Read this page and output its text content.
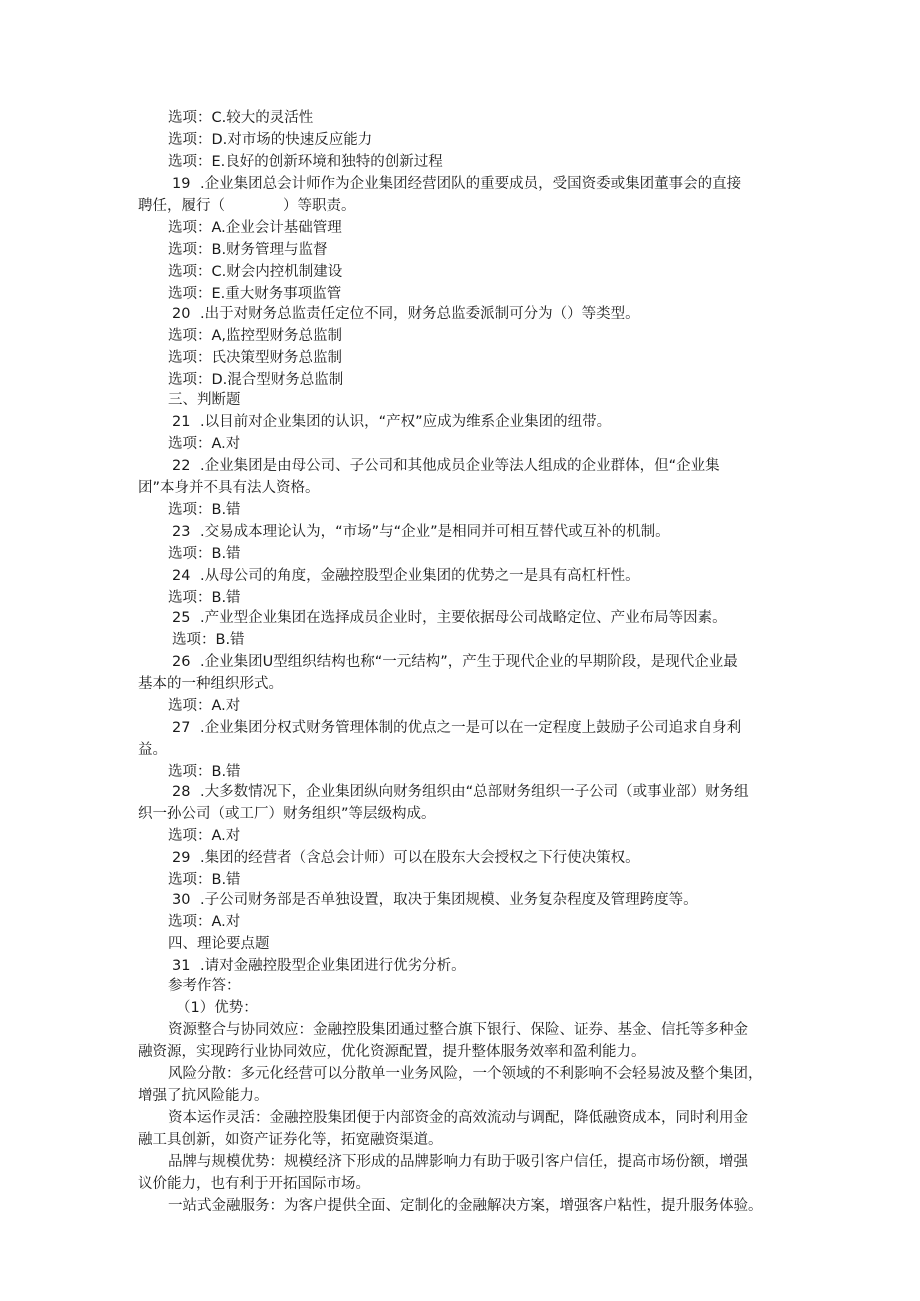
选项：C.较大的灵活性
选项：D.对市场的快速反应能力
选项：E.良好的创新环境和独特的创新过程
19 .企业集团总会计师作为企业集团经营团队的重要成员，受国资委或集团董事会的直接
聘任，履行（　　　　）等职责。
选项：A.企业会计基础管理
选项：B.财务管理与监督
选项：C.财会内控机制建设
选项：E.重大财务事项监管
20 .出于对财务总监责任定位不同，财务总监委派制可分为（）等类型。
选项：A,监控型财务总监制
选项：氏决策型财务总监制
选项：D.混合型财务总监制
三、判断题
21 .以目前对企业集团的认识，“产权”应成为维系企业集团的纽带。
选项：A.对
22 .企业集团是由母公司、子公司和其他成员企业等法人组成的企业群体，但“企业集
团”本身并不具有法人资格。
选项：B.错
23 .交易成本理论认为，“市场”与“企业”是相同并可相互替代或互补的机制。
选项：B.错
24 .从母公司的角度，金融控股型企业集团的优势之一是具有高杠杆性。
选项：B.错
25 .产业型企业集团在选择成员企业时，主要依据母公司战略定位、产业布局等因素。
选项：B.错
26 .企业集团U型组织结构也称“一元结构”，产生于现代企业的早期阶段，是现代企业最
基本的一种组织形式。
选项：A.对
27 .企业集团分权式财务管理体制的优点之一是可以在一定程度上鼓励子公司追求自身利
益。
选项：B.错
28 .大多数情况下，企业集团纵向财务组织由“总部财务组织一子公司（或事业部）财务组
织一孙公司（或工厂）财务组织”等层级构成。
选项：A.对
29 .集团的经营者（含总会计师）可以在股东大会授权之下行使决策权。
选项：B.错
30 .子公司财务部是否单独设置，取决于集团规模、业务复杂程度及管理跨度等。
选项：A.对
四、理论要点题
31 .请对金融控股型企业集团进行优劣分析。
参考作答：
（1）优势：
资源整合与协同效应：金融控股集团通过整合旗下银行、保险、证券、基金、信托等多种金
融资源，实现跨行业协同效应，优化资源配置，提升整体服务效率和盈利能力。
风险分散：多元化经营可以分散单一业务风险，一个领域的不利影响不会轻易波及整个集团，
增强了抗风险能力。
资本运作灵活：金融控股集团便于内部资金的高效流动与调配，降低融资成本，同时利用金
融工具创新，如资产证券化等，拓宽融资渠道。
品牌与规模优势：规模经济下形成的品牌影响力有助于吸引客户信任，提高市场份额，增强
议价能力，也有利于开拓国际市场。
一站式金融服务：为客户提供全面、定制化的金融解决方案，增强客户粘性，提升服务体验。
